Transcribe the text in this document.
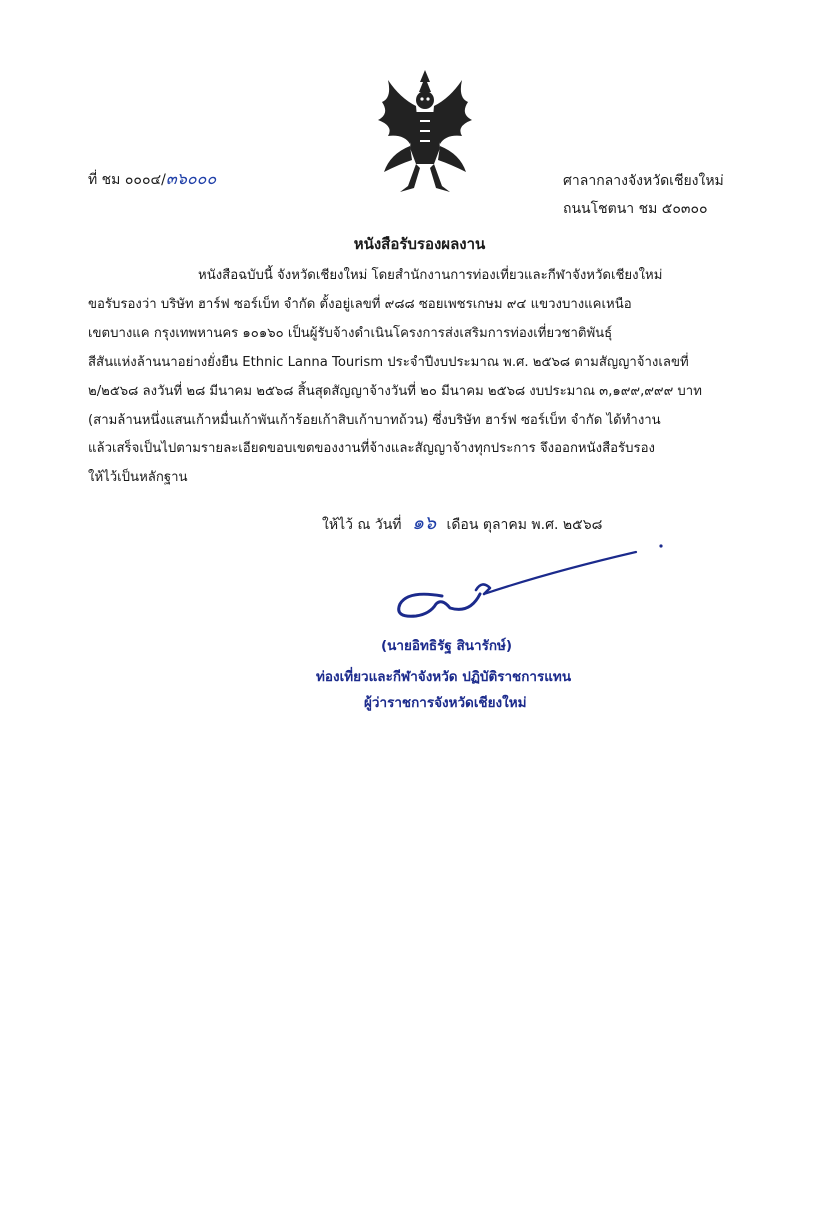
ที่ ชม ๐๐๐๔/๓๖๐๐๐	ศาลากลางจังหวัดเชียงใหม่
ถนนโชตนา ชม ๕๐๓๐๐
หนังสือรับรองผลงาน
หนังสือฉบับนี้ จังหวัดเชียงใหม่ โดยสำนักงานการท่องเที่ยวและกีฬาจังหวัดเชียงใหม่
ขอรับรองว่า บริษัท ฮาร์ฟ ซอร์เบ็ท จำกัด ตั้งอยู่เลขที่ ๙๘๘ ซอยเพชรเกษม ๙๔ แขวงบางแคเหนือ
เขตบางแค กรุงเทพหานคร ๑๐๑๖๐ เป็นผู้รับจ้างดำเนินโครงการส่งเสริมการท่องเที่ยวชาติพันธุ์
สีสันแห่งล้านนาอย่างยั่งยืน Ethnic Lanna Tourism ประจำปีงบประมาณ พ.ศ. ๒๕๖๘ ตามสัญญาจ้างเลขที่
๒/๒๕๖๘ ลงวันที่ ๒๘ มีนาคม ๒๕๖๘ สิ้นสุดสัญญาจ้างวันที่ ๒๐ มีนาคม ๒๕๖๘ งบประมาณ ๓,๑๙๙,๙๙๙ บาท
(สามล้านหนึ่งแสนเก้าหมื่นเก้าพันเก้าร้อยเก้าสิบเก้าบาทถ้วน) ซึ่งบริษัท ฮาร์ฟ ซอร์เบ็ท จำกัด ได้ทำงาน
แล้วเสร็จเป็นไปตามรายละเอียดขอบเขตของงานที่จ้างและสัญญาจ้างทุกประการ จึงออกหนังสือรับรอง
ให้ไว้เป็นหลักฐาน
ให้ไว้ ณ วันที่ ๑๖ เดือน ตุลาคม พ.ศ. ๒๕๖๘
(นายอิทธิรัฐ สินารักษ์)
ท่องเที่ยวและกีฬาจังหวัด ปฏิบัติราชการแทน
ผู้ว่าราชการจังหวัดเชียงใหม่
